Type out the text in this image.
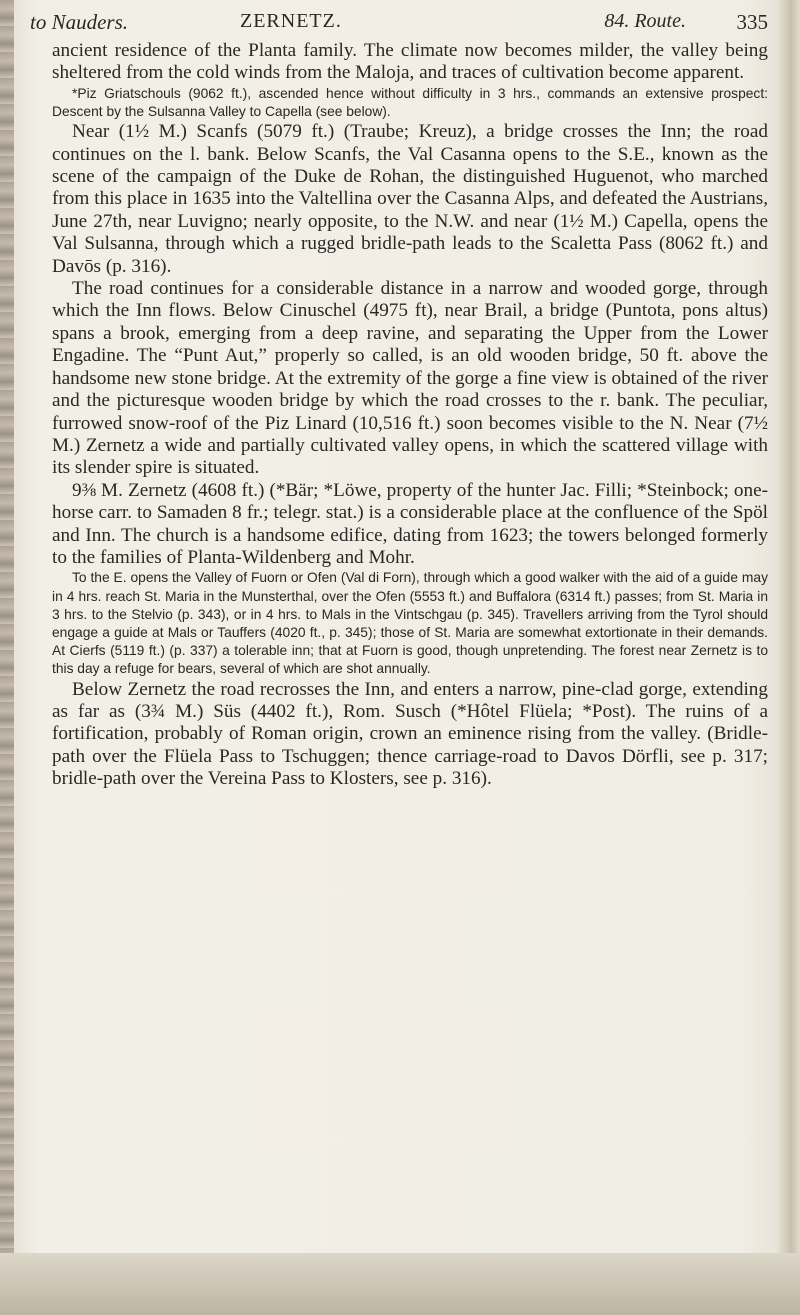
to Nauders.	ZERNETZ.	84. Route. 335

ancient residence of the Planta family. The climate now becomes milder, the valley being sheltered from the cold winds from the Maloja, and traces of cultivation become apparent.

*Piz Griatschouls (9062 ft.), ascended hence without difficulty in 3 hrs., commands an extensive prospect: Descent by the Sulsanna Valley to Capella (see below).

Near (1½ M.) Scanfs (5079 ft.) (Traube; Kreuz), a bridge crosses the Inn; the road continues on the l. bank. Below Scanfs, the Val Casanna opens to the S.E., known as the scene of the campaign of the Duke de Rohan, the distinguished Huguenot, who marched from this place in 1635 into the Valtellina over the Casanna Alps, and defeated the Austrians, June 27th, near Luvigno; nearly opposite, to the N.W. and near (1½ M.) Capella, opens the Val Sulsanna, through which a rugged bridle-path leads to the Scaletta Pass (8062 ft.) and Davōs (p. 316).

The road continues for a considerable distance in a narrow and wooded gorge, through which the Inn flows. Below Cinuschel (4975 ft), near Brail, a bridge (Puntota, pons altus) spans a brook, emerging from a deep ravine, and separating the Upper from the Lower Engadine. The “Punt Aut,” properly so called, is an old wooden bridge, 50 ft. above the handsome new stone bridge. At the extremity of the gorge a fine view is obtained of the river and the picturesque wooden bridge by which the road crosses to the r. bank. The peculiar, furrowed snow-roof of the Piz Linard (10,516 ft.) soon becomes visible to the N. Near (7½ M.) Zernetz a wide and partially cultivated valley opens, in which the scattered village with its slender spire is situated.

9⅜ M. Zernetz (4608 ft.) (*Bär; *Löwe, property of the hunter Jac. Filli; *Steinbock; one-horse carr. to Samaden 8 fr.; telegr. stat.) is a considerable place at the confluence of the Spöl and Inn. The church is a handsome edifice, dating from 1623; the towers belonged formerly to the families of Planta-Wildenberg and Mohr.

To the E. opens the Valley of Fuorn or Ofen (Val di Forn), through which a good walker with the aid of a guide may in 4 hrs. reach St. Maria in the Munsterthal, over the Ofen (5553 ft.) and Buffalora (6314 ft.) passes; from St. Maria in 3 hrs. to the Stelvio (p. 343), or in 4 hrs. to Mals in the Vintschgau (p. 345). Travellers arriving from the Tyrol should engage a guide at Mals or Tauffers (4020 ft., p. 345); those of St. Maria are somewhat extortionate in their demands. At Cierfs (5119 ft.) (p. 337) a tolerable inn; that at Fuorn is good, though unpretending. The forest near Zernetz is to this day a refuge for bears, several of which are shot annually.

Below Zernetz the road recrosses the Inn, and enters a narrow, pine-clad gorge, extending as far as (3¾ M.) Süs (4402 ft.), Rom. Susch (*Hôtel Flüela; *Post). The ruins of a fortification, probably of Roman origin, crown an eminence rising from the valley. (Bridle-path over the Flüela Pass to Tschuggen; thence carriage-road to Davos Dörfli, see p. 317; bridle-path over the Vereina Pass to Klosters, see p. 316).
